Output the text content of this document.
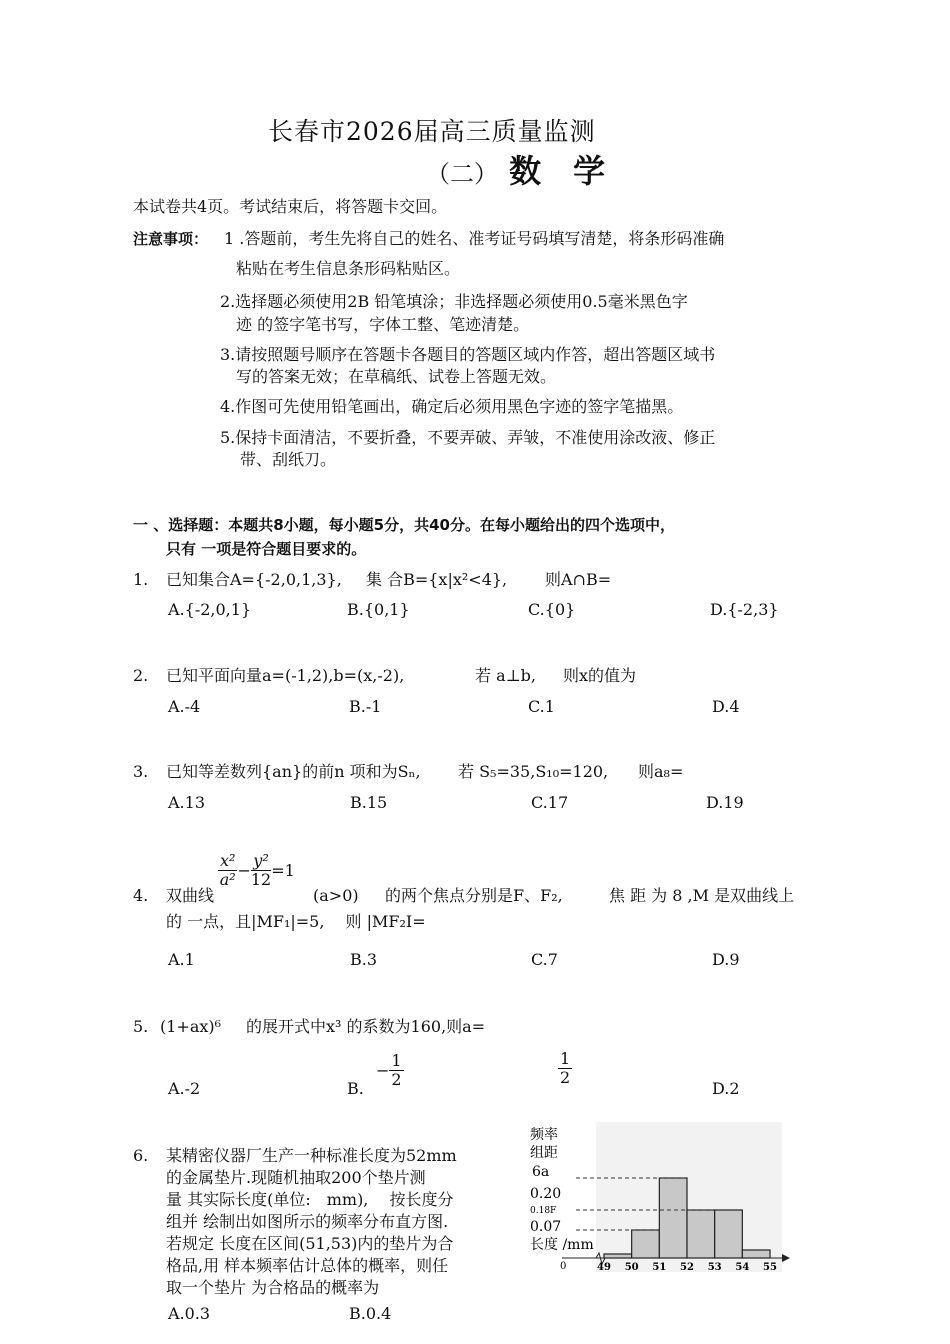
长春市2026届高三质量监测
（二） 数　学
本试卷共4页。考试结束后，将答题卡交回。
注意事项： 1 .答题前，考生先将自己的姓名、准考证号码填写清楚，将条形码准确
粘贴在考生信息条形码粘贴区。
2.选择题必须使用2B 铅笔填涂；非选择题必须使用0.5毫米黑色字
迹 的签字笔书写，字体工整、笔迹清楚。
3.请按照题号顺序在答题卡各题目的答题区域内作答，超出答题区域书
写的答案无效；在草稿纸、试卷上答题无效。
4.作图可先使用铅笔画出，确定后必须用黑色字迹的签字笔描黑。
5.保持卡面清洁，不要折叠，不要弄破、弄皱，不准使用涂改液、修正
带、刮纸刀。
一 、选择题：本题共8小题，每小题5分，共40分。在每小题给出的四个选项中，
只有 一项是符合题目要求的。
1. 已知集合A={-2,0,1,3}, 集 合B={x|x²<4}, 则A∩B=
A.{-2,0,1}	B.{0,1}	C.{0}	D.{-2,3}
2. 已知平面向量a=(-1,2),b=(x,-2),	若 a⊥b, 则x的值为
A.-4	B.-1	C.1	D.4
3. 已知等差数列{an}的前n 项和为Sₙ, 若 S₅=35,S₁₀=120, 则a₈=
A.13	B.15	C.17	D.19
$\frac{\text{x²}}{\text{a²}} - \frac{\text{y²}}{12} =1$
4. 双曲线	(a>0) 的两个焦点分别是F、F₂,	焦 距 为 8 ,M 是双曲线上
的 一点，且|MF₁|=5,　 则 |MF₂I=
A.1	B.3	C.7	D.9
5. (1+ax)⁶ 的展开式中x³ 的系数为160,则a=
A.-2	B.
− $\frac{1}{2}$	$\frac{1}{2}$
D.2
6. 某精密仪器厂生产一种标准长度为52mm
的金属垫片.现随机抽取200个垫片测
量 其实际长度(单位:　mm),　 按长度分
组并 绘制出如图所示的频率分布直方图.
若规定 长度在区间(51,53)内的垫片为合
格品,用 样本频率估计总体的概率，则任
取一个垫片 为合格品的概率为
A.0.3	B.0.4
频率
组距
6a
0.20
0.18F
0.07
长度 /mm
0	49 50 51 52 53 54 55
